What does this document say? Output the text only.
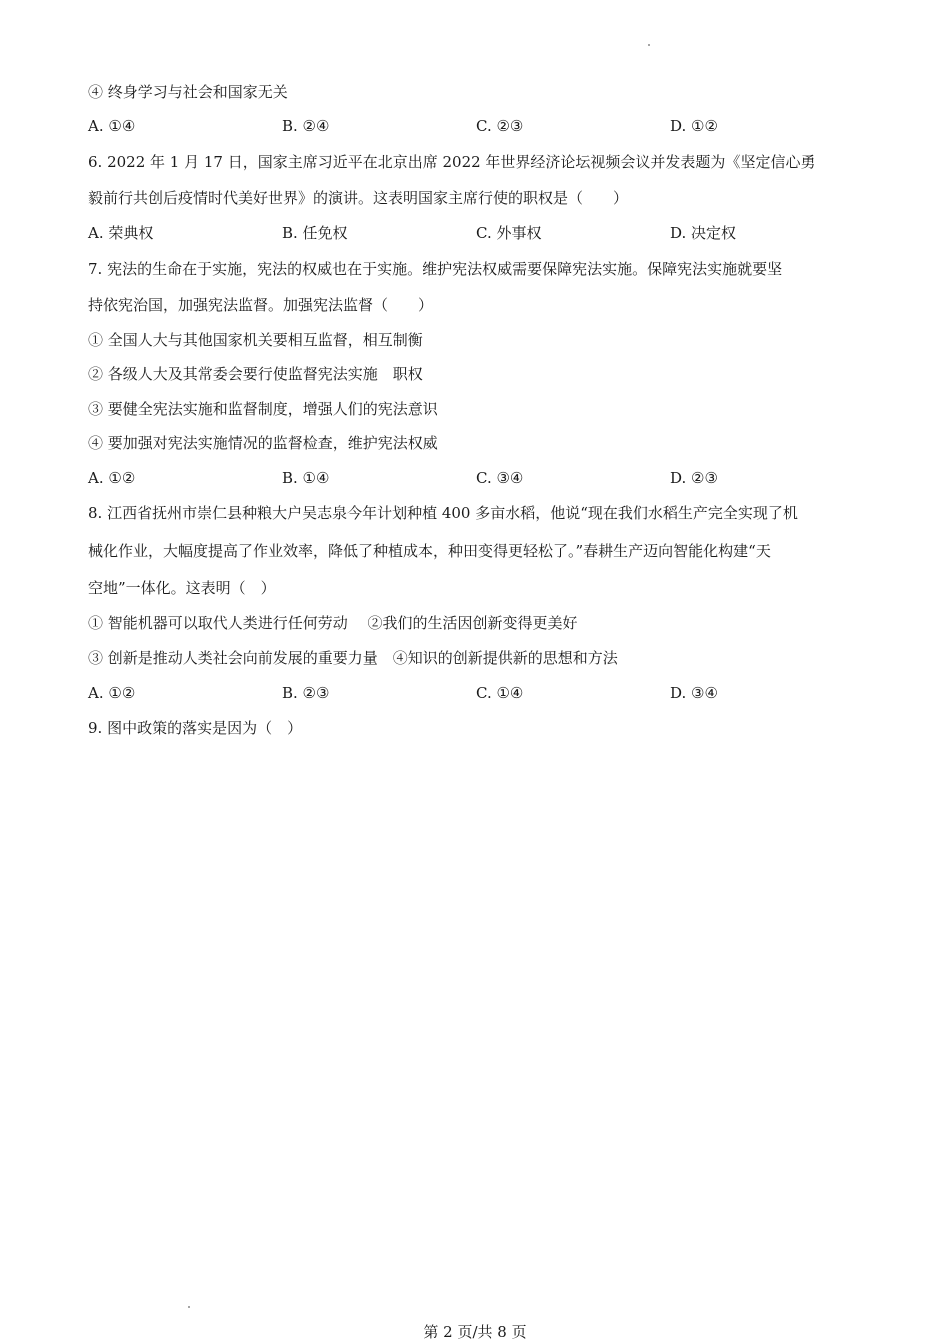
④ 终身学习与社会和国家无关
A. ①④	B. ②④	C. ②③	D. ①②
6. 2022 年 1 月 17 日，国家主席习近平在北京出席 2022 年世界经济论坛视频会议并发表题为《坚定信心勇
毅前行共创后疫情时代美好世界》的演讲。这表明国家主席行使的职权是（　　）
A. 荣典权	B. 任免权	C. 外事权	D. 决定权
7. 宪法的生命在于实施，宪法的权威也在于实施。维护宪法权威需要保障宪法实施。保障宪法实施就要坚
持依宪治国，加强宪法监督。加强宪法监督（　　）
① 全国人大与其他国家机关要相互监督，相互制衡
② 各级人大及其常委会要行使监督宪法实施　职权
③ 要健全宪法实施和监督制度，增强人们的宪法意识
④ 要加强对宪法实施情况的监督检查，维护宪法权威
A. ①②	B. ①④	C. ③④	D. ②③
8. 江西省抚州市崇仁县种粮大户吴志泉今年计划种植 400 多亩水稻，他说“现在我们水稻生产完全实现了机
械化作业，大幅度提高了作业效率，降低了种植成本，种田变得更轻松了。”春耕生产迈向智能化构建“天
空地”一体化。这表明（　）
① 智能机器可以取代人类进行任何劳动　 ②我们的生活因创新变得更美好
③ 创新是推动人类社会向前发展的重要力量　④知识的创新提供新的思想和方法
A. ①②	B. ②③	C. ①④	D. ③④
9. 图中政策的落实是因为（　）
第 2 页/共 8 页
